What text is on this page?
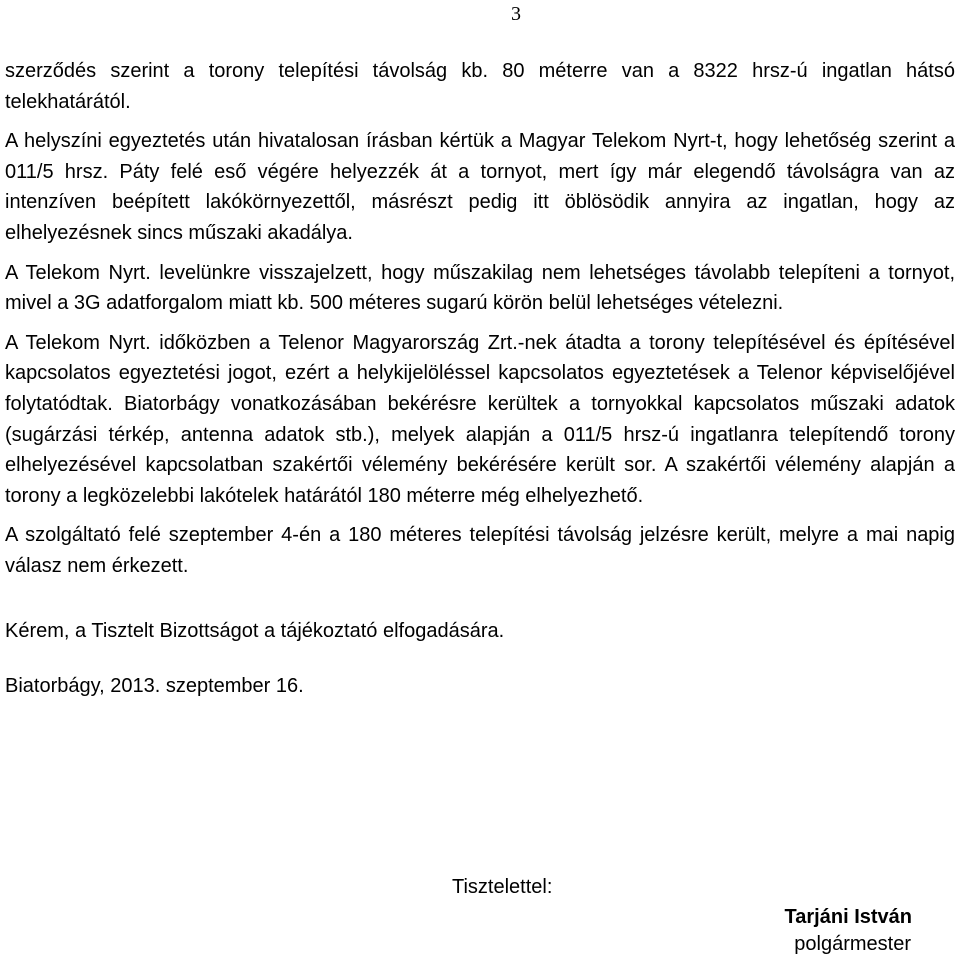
3

szerződés szerint a torony telepítési távolság kb. 80 méterre van a 8322 hrsz-ú ingatlan hátsó telekhatárától.

A helyszíni egyeztetés után hivatalosan írásban kértük a Magyar Telekom Nyrt-t, hogy lehetőség szerint a 011/5 hrsz. Páty felé eső végére helyezzék át a tornyot, mert így már elegendő távolságra van az intenzíven beépített lakókörnyezettől, másrészt pedig itt öblösödik annyira az ingatlan, hogy az elhelyezésnek sincs műszaki akadálya.

A Telekom Nyrt. levelünkre visszajelzett, hogy műszakilag nem lehetséges távolabb telepíteni a tornyot, mivel a 3G adatforgalom miatt kb. 500 méteres sugarú körön belül lehetséges vételezni.

A Telekom Nyrt. időközben a Telenor Magyarország Zrt.-nek átadta a torony telepítésével és építésével kapcsolatos egyeztetési jogot, ezért a helykijelöléssel kapcsolatos egyeztetések a Telenor képviselőjével folytatódtak. Biatorbágy vonatkozásában bekérésre kerültek a tornyokkal kapcsolatos műszaki adatok (sugárzási térkép, antenna adatok stb.), melyek alapján a 011/5 hrsz-ú ingatlanra telepítendő torony elhelyezésével kapcsolatban szakértői vélemény bekérésére került sor. A szakértői vélemény alapján a torony a legközelebbi lakótelek határától 180 méterre még elhelyezhető.

A szolgáltató felé szeptember 4-én a 180 méteres telepítési távolság jelzésre került, melyre a mai napig válasz nem érkezett.

Kérem, a Tisztelt Bizottságot a tájékoztató elfogadására.

Biatorbágy, 2013. szeptember 16.

Tisztelettel:
Tarjáni István
polgármester
